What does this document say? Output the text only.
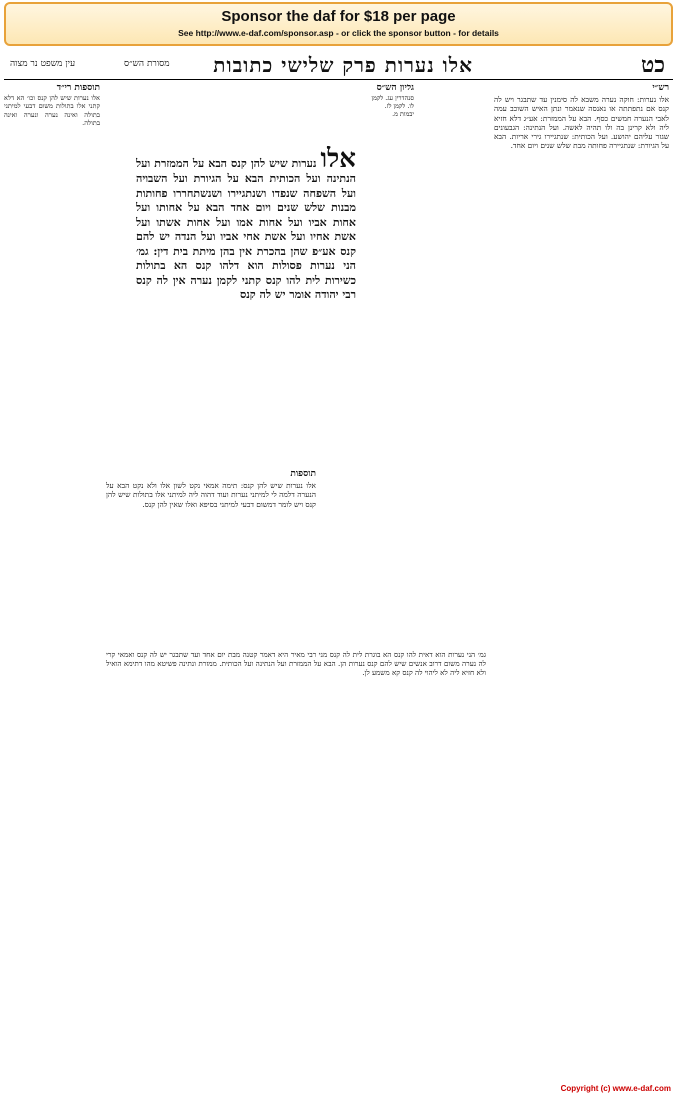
Sponsor the daf for $18 per page
See http://www.e-daf.com/sponsor.asp - or click the sponsor button - for details
כט
אלו נערות פרק שלישי כתובות
מסורת הש״ס
עין משפט נר מצוה
רש״י
אלו נערות: חוקה נערה משבא לה סימנין עד שתבגר ויש לה קנס אם נתפתתה או נאנסה שנאמר ונתן האיש השוכב עמה לאבי הנערה חמשים כסף. הבא על הממזרת: אע״ג דלא חזיא ליה ולא קרינן בה ולו תהיה לאשה. ועל הנתינה: הגבעונים שגזר עליהם יהושע. ועל הכותית: שנתגיירו גירי אריות. הבא על הגיורת: שנתגיירה פחותה מבת שלש שנים ויום אחד.
אלו נערות שיש להן קנס הבא על הממזרת ועל הנתינה ועל הכותית הבא על הגיורת ועל השבויה ועל השפחה שנפדו ושנתגיירו ושנשתחררו פחותות מבנות שלש שנים ויום אחד הבא על אחותו ועל אחות אביו ועל אחות אמו ועל אחות אשתו ועל אשת אחיו ועל אשת אחי אביו ועל הנדה יש להם קנס אע״פ שהן בהכרת אין בהן מיתת בית דין: גמ׳ הני נערות פסולות הוא דלהו קנס הא בתולות כשירות לית להו קנס קתני לקמן נערה אין לה קנס רבי יהודה אומר יש לה קנס
תוספות
אלו נערות שיש להן קנס: תימה אמאי נקט לשון אלו ולא נקט הבא על הנערה דלמה לי למיתני נערות ועוד דהוה ליה למיתני אלו בתולות שיש להן קנס ויש לומר דמשום דבעי למיתני בסיפא ואלו שאין להן קנס.
תוספות רי״ד
אלו נערות שיש להן קנס וכו׳ הא דלא קתני אלו בתולות משום דבעי למיתני בתולה ואינה נערה ונערה ואינה בתולה.
גליון הש״ס
סנהדרין עג. לקמן לו. לקמן לז. יבמות מ.
גמ׳ הני נערות הוא דאית להו קנס הא בוגרת לית לה קנס מני רבי מאיר היא דאמר קטנה מבת יום אחד ועד שתבגר יש לה קנס ואמאי קרי לה נערה משום דרוב אנשים שיש להם קנס נערות הן. הבא על הממזרת ועל הנתינה ועל הכותית. ממזרת ונתינה פשיטא מהו דתימא הואיל ולא חזיא ליה לא ליהוי לה קנס קא משמע לן.
Copyright (c) www.e-daf.com
